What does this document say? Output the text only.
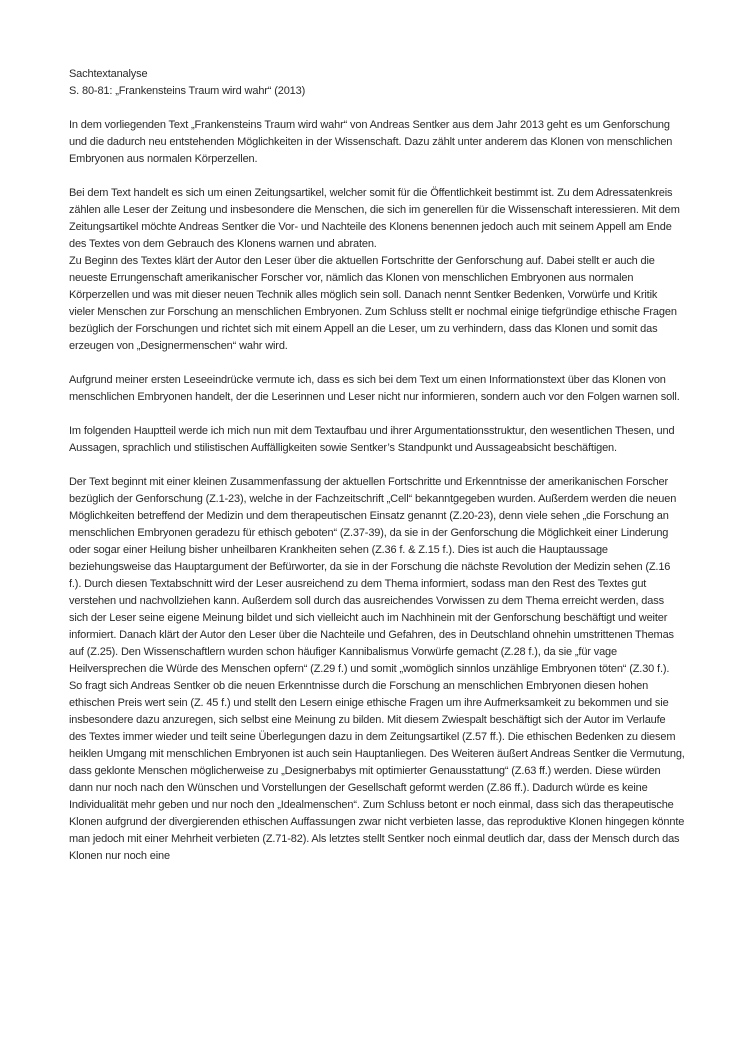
Sachtextanalyse

S. 80-81: „Frankensteins Traum wird wahr“ (2013)

In dem vorliegenden Text „Frankensteins Traum wird wahr“ von Andreas Sentker aus dem Jahr 2013 geht es um Genforschung und die dadurch neu entstehenden Möglichkeiten in der Wissenschaft. Dazu zählt unter anderem das Klonen von menschlichen Embryonen aus normalen Körperzellen.

Bei dem Text handelt es sich um einen Zeitungsartikel, welcher somit für die Öffentlichkeit bestimmt ist. Zu dem Adressatenkreis zählen alle Leser der Zeitung und insbesondere die Menschen, die sich im generellen für die Wissenschaft interessieren. Mit dem Zeitungsartikel möchte Andreas Sentker die Vor- und Nachteile des Klonens benennen jedoch auch mit seinem Appell am Ende des Textes von dem Gebrauch des Klonens warnen und abraten.

Zu Beginn des Textes klärt der Autor den Leser über die aktuellen Fortschritte der Genforschung auf. Dabei stellt er auch die neueste Errungenschaft amerikanischer Forscher vor, nämlich das Klonen von menschlichen Embryonen aus normalen Körperzellen und was mit dieser neuen Technik alles möglich sein soll. Danach nennt Sentker Bedenken, Vorwürfe und Kritik vieler Menschen zur Forschung an menschlichen Embryonen. Zum Schluss stellt er nochmal einige tiefgründige ethische Fragen bezüglich der Forschungen und richtet sich mit einem Appell an die Leser, um zu verhindern, dass das Klonen und somit das erzeugen von „Designermenschen“ wahr wird.

Aufgrund meiner ersten Leseeindrücke vermute ich, dass es sich bei dem Text um einen Informationstext über das Klonen von menschlichen Embryonen handelt, der die Leserinnen und Leser nicht nur informieren, sondern auch vor den Folgen warnen soll.

Im folgenden Hauptteil werde ich mich nun mit dem Textaufbau und ihrer Argumentationsstruktur, den wesentlichen Thesen, und Aussagen, sprachlich und stilistischen Auffälligkeiten sowie Sentker’s Standpunkt und Aussageabsicht beschäftigen.

Der Text beginnt mit einer kleinen Zusammenfassung der aktuellen Fortschritte und Erkenntnisse der amerikanischen Forscher bezüglich der Genforschung (Z.1-23), welche in der Fachzeitschrift „Cell“ bekanntgegeben wurden. Außerdem werden die neuen Möglichkeiten betreffend der Medizin und dem therapeutischen Einsatz genannt (Z.20-23), denn viele sehen „die Forschung an menschlichen Embryonen geradezu für ethisch geboten“ (Z.37-39), da sie in der Genforschung die Möglichkeit einer Linderung oder sogar einer Heilung bisher unheilbaren Krankheiten sehen (Z.36 f. & Z.15 f.). Dies ist auch die Hauptaussage beziehungsweise das Hauptargument der Befürworter, da sie in der Forschung die nächste Revolution der Medizin sehen (Z.16 f.). Durch diesen Textabschnitt wird der Leser ausreichend zu dem Thema informiert, sodass man den Rest des Textes gut verstehen und nachvollziehen kann. Außerdem soll durch das ausreichendes Vorwissen zu dem Thema erreicht werden, dass sich der Leser seine eigene Meinung bildet und sich vielleicht auch im Nachhinein mit der Genforschung beschäftigt und weiter informiert. Danach klärt der Autor den Leser über die Nachteile und Gefahren, des in Deutschland ohnehin umstrittenen Themas auf (Z.25). Den Wissenschaftlern wurden schon häufiger Kannibalismus Vorwürfe gemacht (Z.28 f.), da sie „für vage Heilversprechen die Würde des Menschen opfern“ (Z.29 f.) und somit „womöglich sinnlos unzählige Embryonen töten“ (Z.30 f.). So fragt sich Andreas Sentker ob die neuen Erkenntnisse durch die Forschung an menschlichen Embryonen diesen hohen ethischen Preis wert sein (Z. 45 f.) und stellt den Lesern einige ethische Fragen um ihre Aufmerksamkeit zu bekommen und sie insbesondere dazu anzuregen, sich selbst eine Meinung zu bilden. Mit diesem Zwiespalt beschäftigt sich der Autor im Verlaufe des Textes immer wieder und teilt seine Überlegungen dazu in dem Zeitungsartikel (Z.57 ff.). Die ethischen Bedenken zu diesem heiklen Umgang mit menschlichen Embryonen ist auch sein Hauptanliegen. Des Weiteren äußert Andreas Sentker die Vermutung, dass geklonte Menschen möglicherweise zu „Designerbabys mit optimierter Genausstattung“ (Z.63 ff.) werden. Diese würden dann nur noch nach den Wünschen und Vorstellungen der Gesellschaft geformt werden (Z.86 ff.). Dadurch würde es keine Individualität mehr geben und nur noch den „Idealmenschen“. Zum Schluss betont er noch einmal, dass sich das therapeutische Klonen aufgrund der divergierenden ethischen Auffassungen zwar nicht verbieten lasse, das reproduktive Klonen hingegen könnte man jedoch mit einer Mehrheit verbieten (Z.71-82). Als letztes stellt Sentker noch einmal deutlich dar, dass der Mensch durch das Klonen nur noch eine
